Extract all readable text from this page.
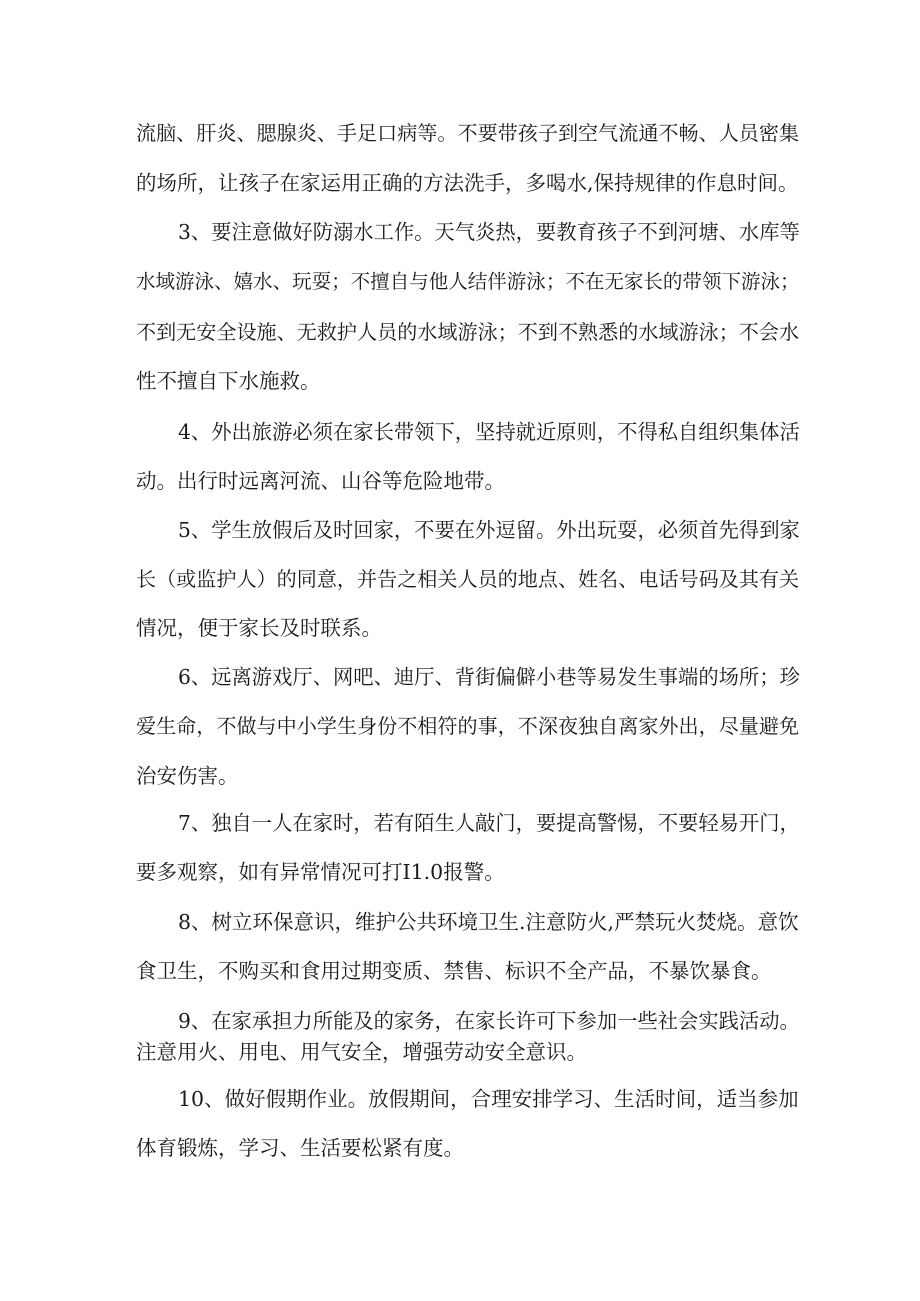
流脑、肝炎、腮腺炎、手足口病等。不要带孩子到空气流通不畅、人员密集

的场所，让孩子在家运用正确的方法洗手，多喝水,保持规律的作息时间。

3、要注意做好防溺水工作。天气炎热，要教育孩子不到河塘、水库等

水域游泳、嬉水、玩耍；不擅自与他人结伴游泳；不在无家长的带领下游泳；

不到无安全设施、无救护人员的水域游泳；不到不熟悉的水域游泳；不会水

性不擅自下水施救。

4、外出旅游必须在家长带领下，坚持就近原则，不得私自组织集体活

动。出行时远离河流、山谷等危险地带。

5、学生放假后及时回家，不要在外逗留。外出玩耍，必须首先得到家

长（或监护人）的同意，并告之相关人员的地点、姓名、电话号码及其有关

情况，便于家长及时联系。

6、远离游戏厅、网吧、迪厅、背街偏僻小巷等易发生事端的场所；珍

爱生命，不做与中小学生身份不相符的事，不深夜独自离家外出，尽量避免

治安伤害。

7、独自一人在家时，若有陌生人敲门，要提高警惕，不要轻易开门，

要多观察，如有异常情况可打I1.0报警。

8、树立环保意识，维护公共环境卫生.注意防火,严禁玩火焚烧。意饮

食卫生，不购买和食用过期变质、禁售、标识不全产品，不暴饮暴食。

9、在家承担力所能及的家务，在家长许可下参加一些社会实践活动。

注意用火、用电、用气安全，增强劳动安全意识。

10、做好假期作业。放假期间，合理安排学习、生活时间，适当参加

体育锻炼，学习、生活要松紧有度。
